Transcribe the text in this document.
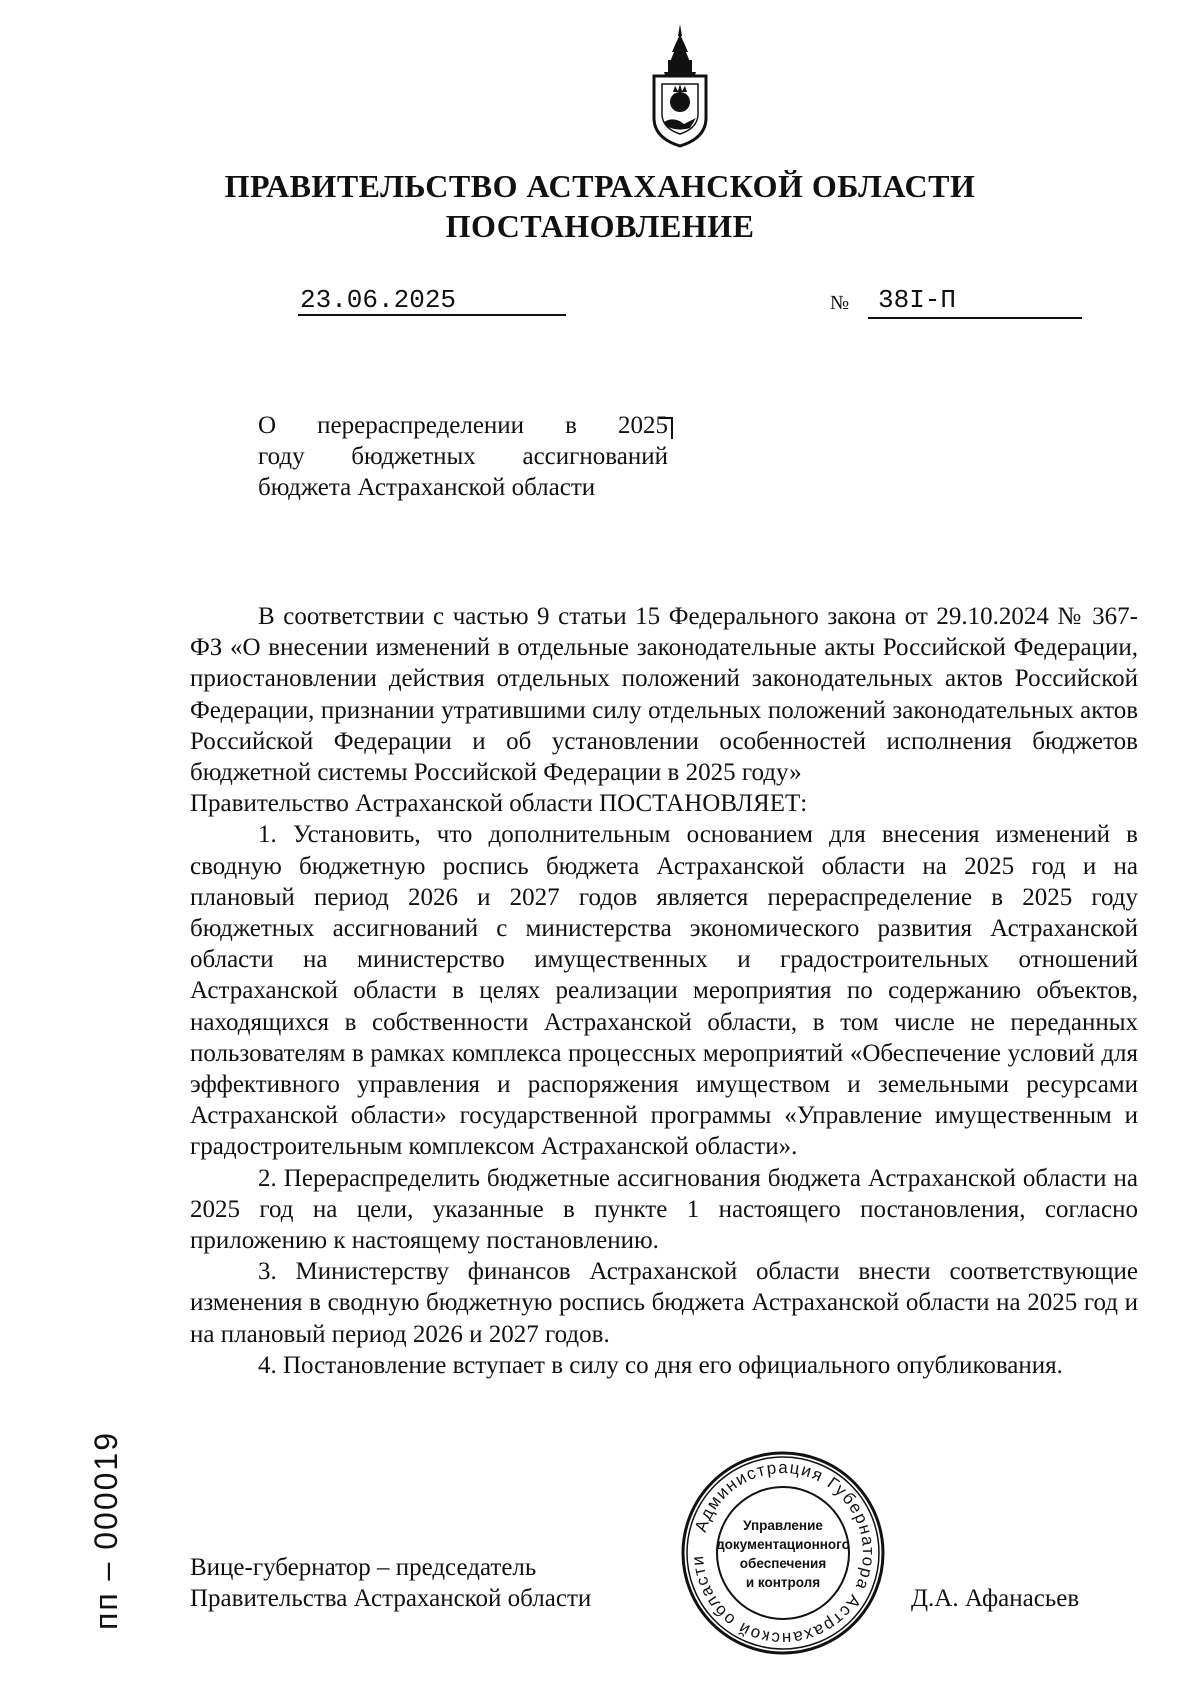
ПРАВИТЕЛЬСТВО АСТРАХАНСКОЙ ОБЛАСТИ
ПОСТАНОВЛЕНИЕ
23.06.2025	№ 38I-П
О перераспределении в 2025
году бюджетных ассигнований
бюджета Астраханской области

В соответствии с частью 9 статьи 15 Федерального закона от 29.10.2024 № 367-ФЗ «О внесении изменений в отдельные законодательные акты Российской Федерации, приостановлении действия отдельных положений законодательных актов Российской Федерации, признании утратившими силу отдельных положений законодательных актов Российской Федерации и об установлении особенностей исполнения бюджетов бюджетной системы Российской Федерации в 2025 году»

Правительство Астраханской области ПОСТАНОВЛЯЕТ:

1. Установить, что дополнительным основанием для внесения изменений в сводную бюджетную роспись бюджета Астраханской области на 2025 год и на плановый период 2026 и 2027 годов является перераспределение в 2025 году бюджетных ассигнований с министерства экономического развития Астраханской области на министерство имущественных и градостроительных отношений Астраханской области в целях реализации мероприятия по содержанию объектов, находящихся в собственности Астраханской области, в том числе не переданных пользователям в рамках комплекса процессных мероприятий «Обеспечение условий для эффективного управления и распоряжения имуществом и земельными ресурсами Астраханской области» государственной программы «Управление имущественным и градостроительным комплексом Астраханской области».

2. Перераспределить бюджетные ассигнования бюджета Астраханской области на 2025 год на цели, указанные в пункте 1 настоящего постановления, согласно приложению к настоящему постановлению.

3. Министерству финансов Астраханской области внести соответствующие изменения в сводную бюджетную роспись бюджета Астраханской области на 2025 год и на плановый период 2026 и 2027 годов.

4. Постановление вступает в силу со дня его официального опубликования.

Вице-губернатор – председатель
Правительства Астраханской области	Д.А. Афанасьев
Администрация Губернатора Астраханской области
Управление
документационного
обеспечения
и контроля
пп – 000019
